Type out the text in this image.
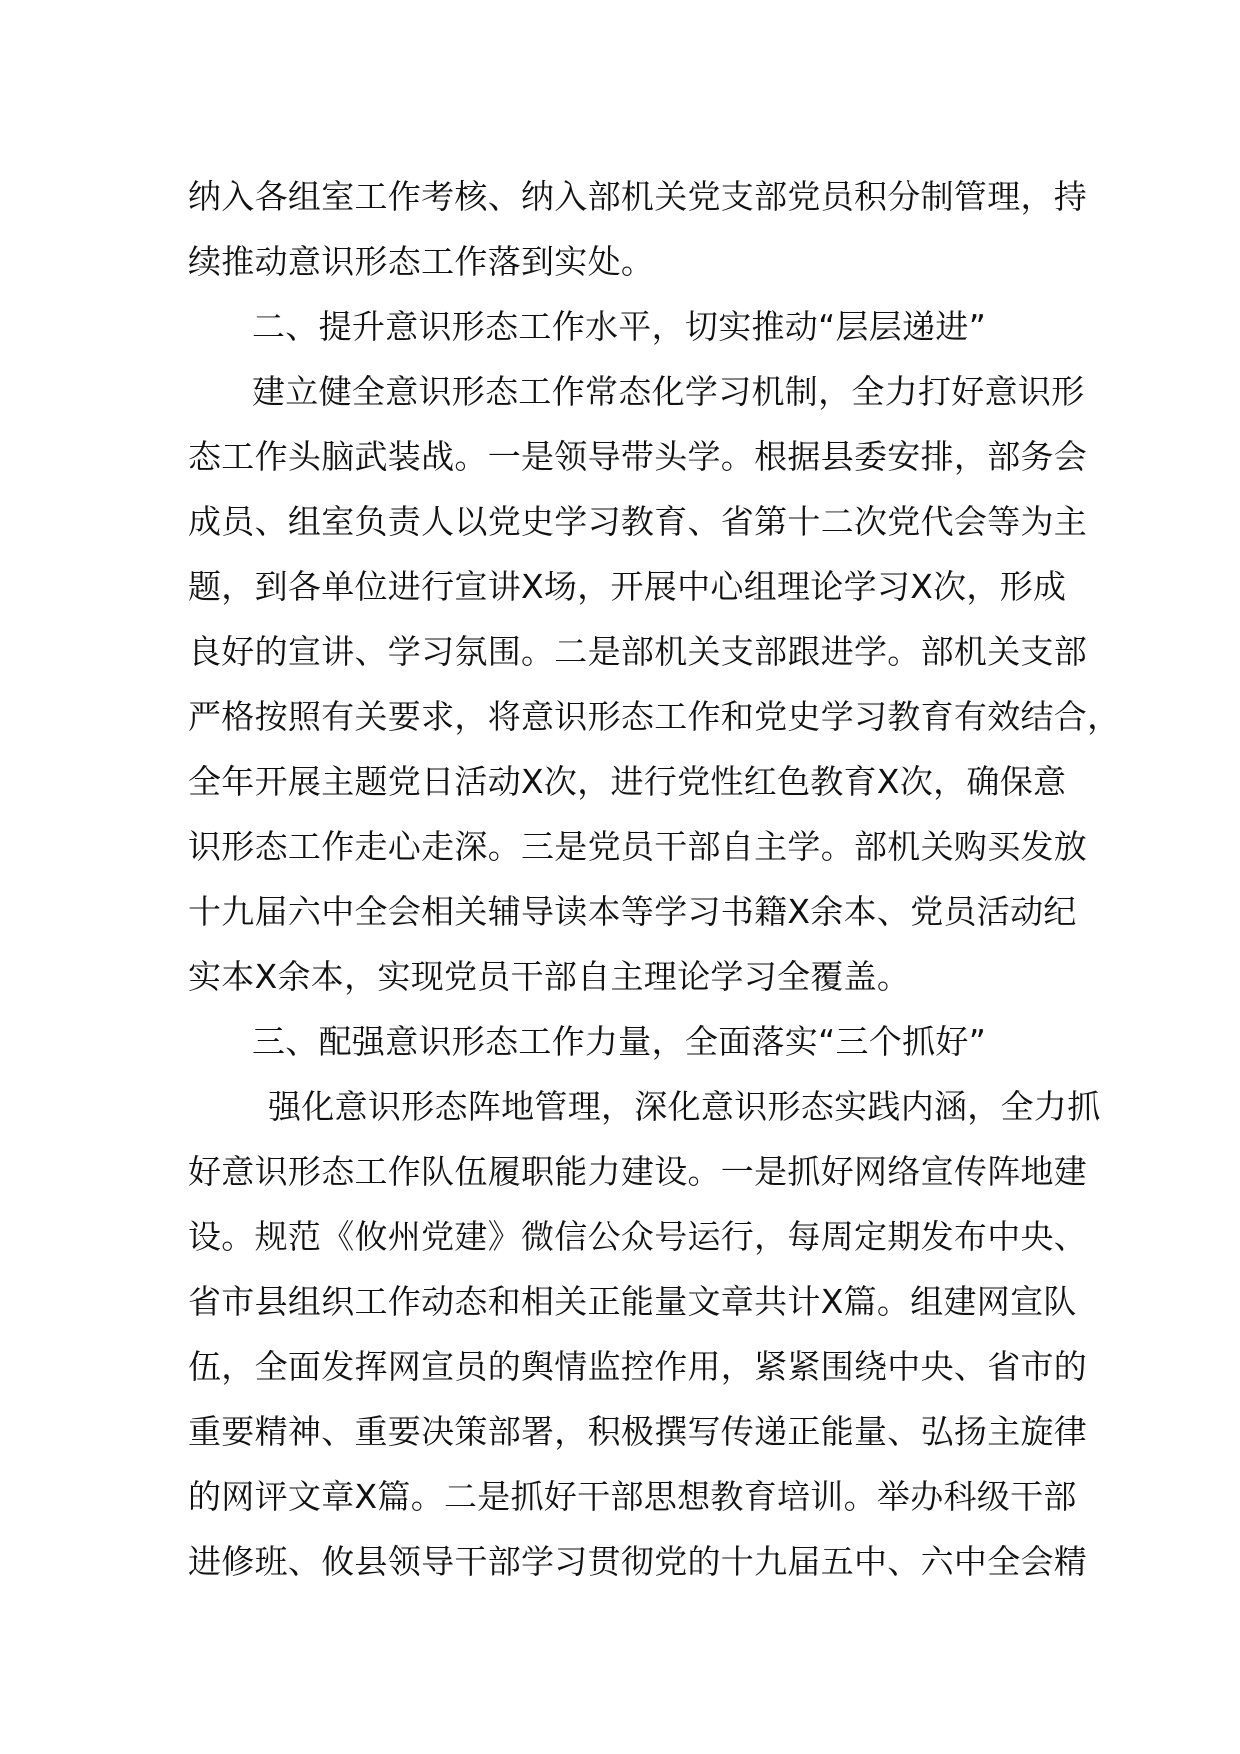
纳入各组室工作考核、纳入部机关党支部党员积分制管理，持
续推动意识形态工作落到实处。
二、提升意识形态工作水平，切实推动“层层递进”
建立健全意识形态工作常态化学习机制，全力打好意识形
态工作头脑武装战。一是领导带头学。根据县委安排，部务会
成员、组室负责人以党史学习教育、省第十二次党代会等为主
题，到各单位进行宣讲X场，开展中心组理论学习X次，形成
良好的宣讲、学习氛围。二是部机关支部跟进学。部机关支部
严格按照有关要求，将意识形态工作和党史学习教育有效结合，
全年开展主题党日活动X次，进行党性红色教育X次，确保意
识形态工作走心走深。三是党员干部自主学。部机关购买发放
十九届六中全会相关辅导读本等学习书籍X余本、党员活动纪
实本X余本，实现党员干部自主理论学习全覆盖。
三、配强意识形态工作力量，全面落实“三个抓好”
强化意识形态阵地管理，深化意识形态实践内涵，全力抓
好意识形态工作队伍履职能力建设。一是抓好网络宣传阵地建
设。规范《攸州党建》微信公众号运行，每周定期发布中央、
省市县组织工作动态和相关正能量文章共计X篇。组建网宣队
伍，全面发挥网宣员的舆情监控作用，紧紧围绕中央、省市的
重要精神、重要决策部署，积极撰写传递正能量、弘扬主旋律
的网评文章X篇。二是抓好干部思想教育培训。举办科级干部
进修班、攸县领导干部学习贯彻党的十九届五中、六中全会精
